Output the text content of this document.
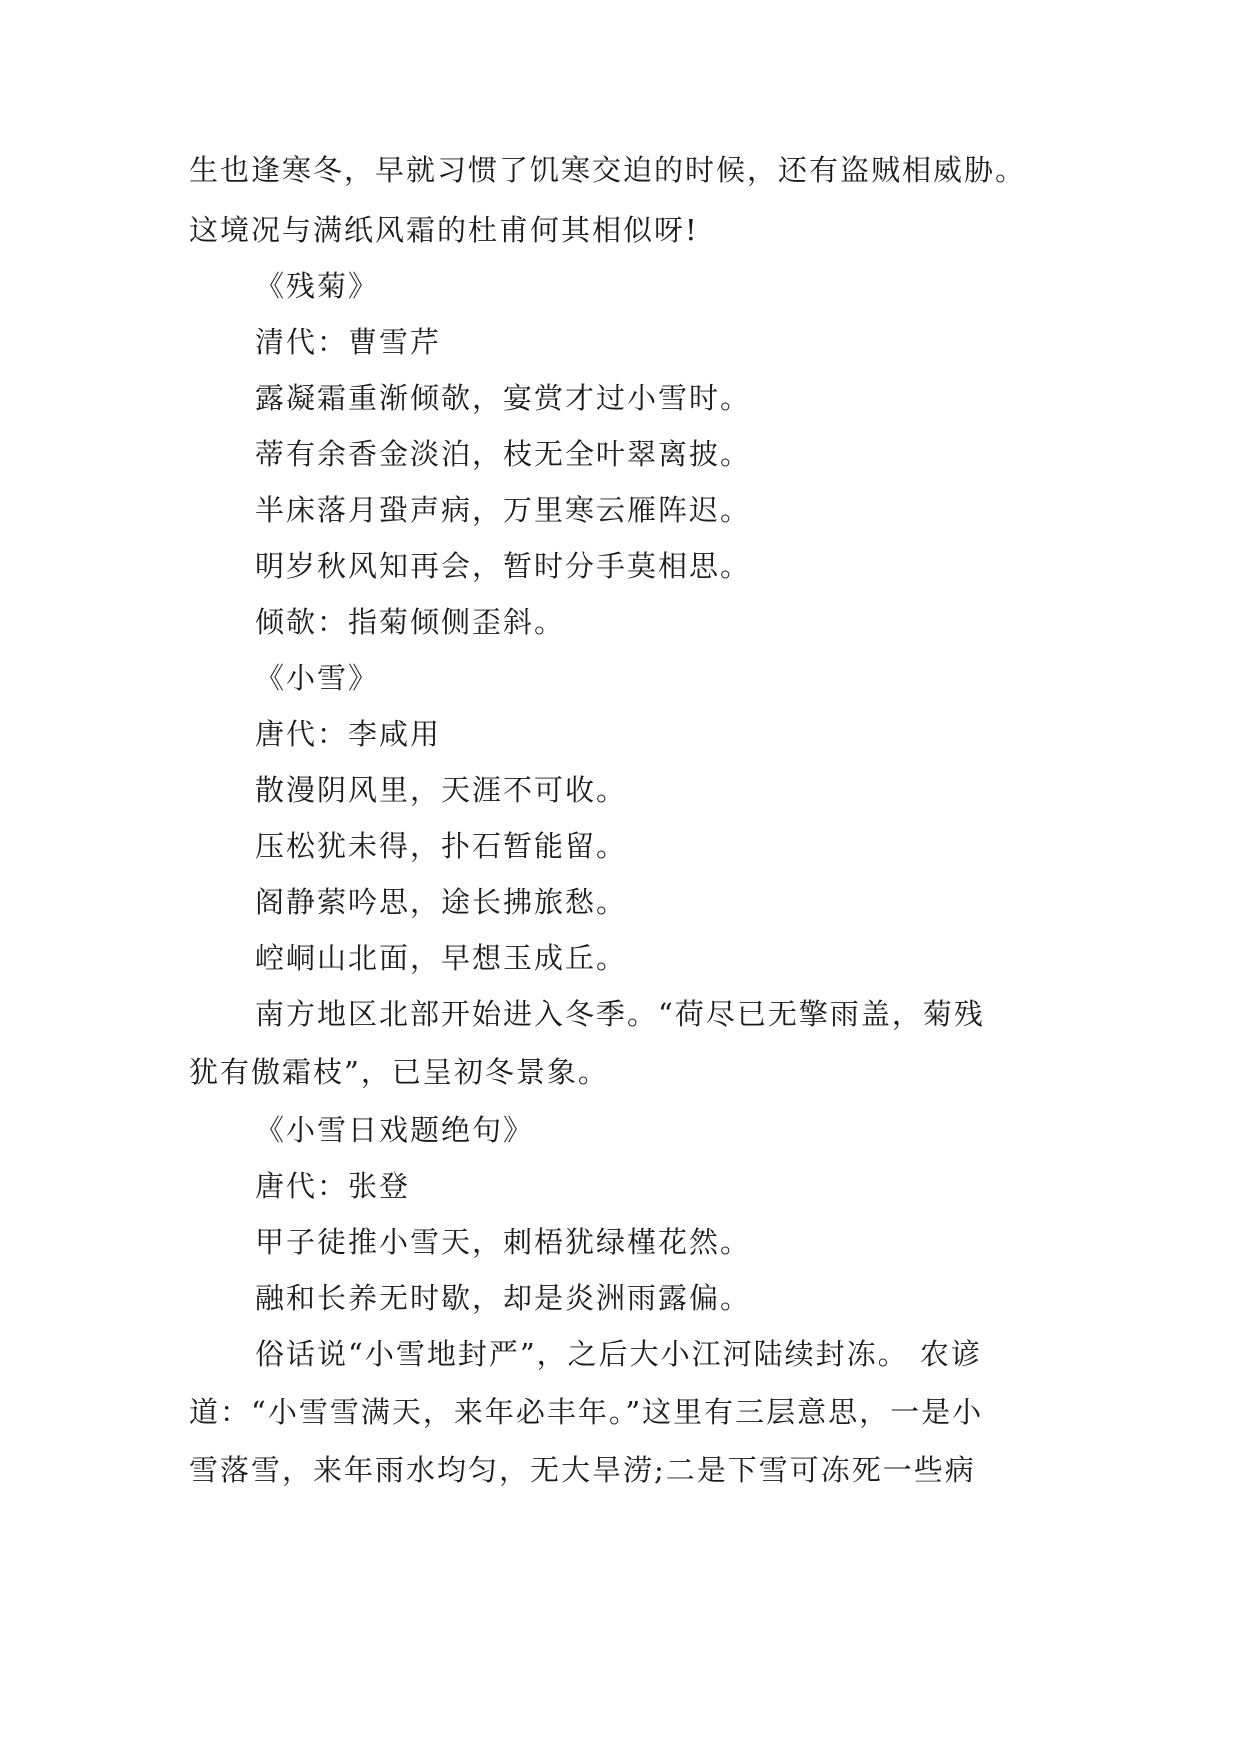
生也逢寒冬，早就习惯了饥寒交迫的时候，还有盗贼相威胁。
这境况与满纸风霜的杜甫何其相似呀!
《残菊》
清代：曹雪芹
露凝霜重渐倾欹，宴赏才过小雪时。
蒂有余香金淡泊，枝无全叶翠离披。
半床落月蛩声病，万里寒云雁阵迟。
明岁秋风知再会，暂时分手莫相思。
倾欹：指菊倾侧歪斜。
《小雪》
唐代：李咸用
散漫阴风里，天涯不可收。
压松犹未得，扑石暂能留。
阁静萦吟思，途长拂旅愁。
崆峒山北面，早想玉成丘。
南方地区北部开始进入冬季。“荷尽已无擎雨盖，菊残
犹有傲霜枝”，已呈初冬景象。
《小雪日戏题绝句》
唐代：张登
甲子徒推小雪天，刺梧犹绿槿花然。
融和长养无时歇，却是炎洲雨露偏。
俗话说“小雪地封严”，之后大小江河陆续封冻。 农谚
道：“小雪雪满天，来年必丰年。”这里有三层意思，一是小
雪落雪，来年雨水均匀，无大旱涝;二是下雪可冻死一些病
